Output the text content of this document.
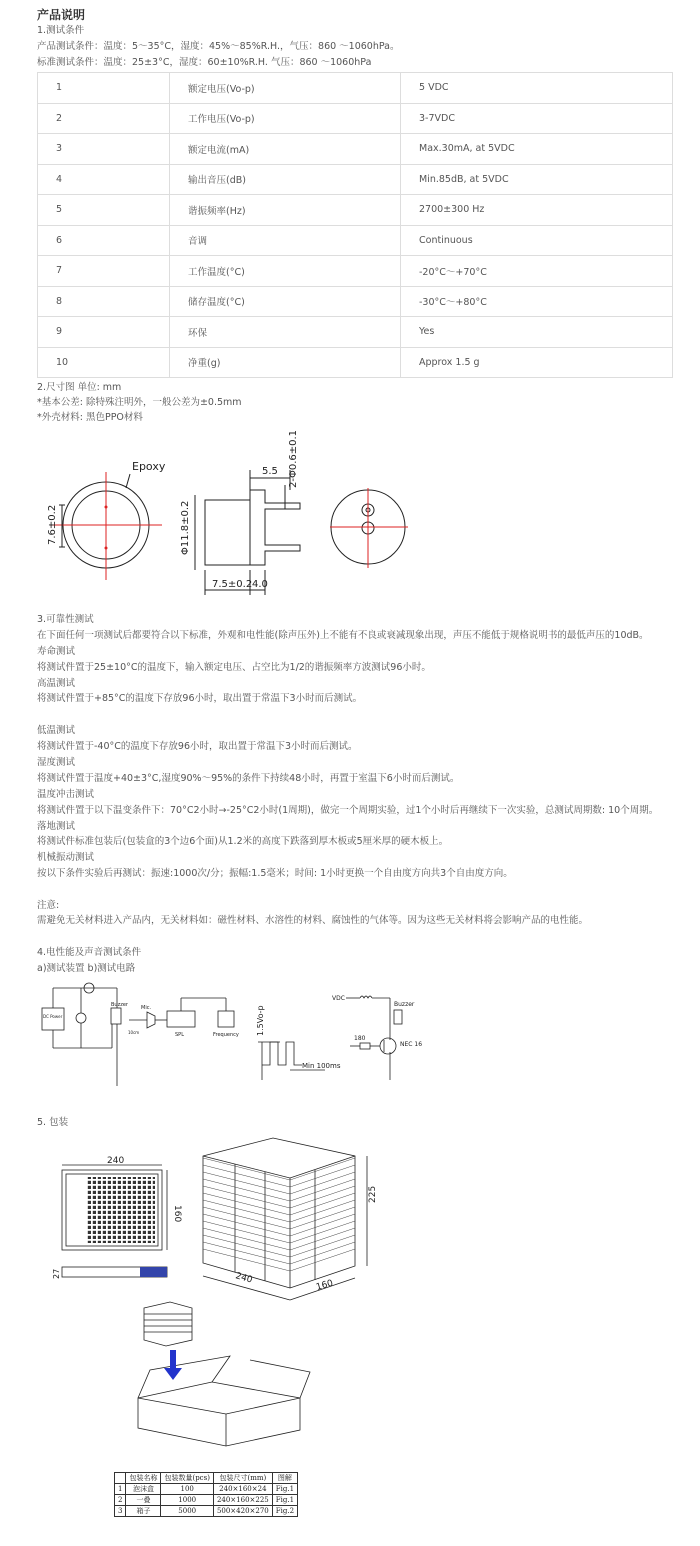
产品说明
1.测试条件
产品测试条件：温度：5～35°C，湿度：45%～85%R.H.，气压：860 ～1060hPa。
标准测试条件：温度：25±3°C，湿度：60±10%R.H. 气压：860 ～1060hPa
1	额定电压(Vo-p)	5 VDC
2	工作电压(Vo-p)	3-7VDC
3	额定电流(mA)	Max.30mA, at 5VDC
4	输出音压(dB)	Min.85dB, at 5VDC
5	谐振频率(Hz)	2700±300 Hz
6	音调	Continuous
7	工作温度(°C)	-20°C～+70°C
8	储存温度(°C)	-30°C～+80°C
9	环保	Yes
10	净重(g)	Approx 1.5 g
2.尺寸图 单位: mm
*基本公差: 除特殊注明外，一般公差为±0.5mm
*外壳材料: 黑色PPO材料
Epoxy
7.6±0.2	Φ11.8±0.2
5.5 2-Φ0.6±0.1
7.5±0.2 4.0
3.可靠性测试
在下面任何一项测试后都要符合以下标准，外观和电性能(除声压外)上不能有不良或衰减现象出现，声压不能低于规格说明书的最低声压的10dB。
寿命测试
将测试件置于25±10°C的温度下，输入额定电压、占空比为1/2的谐振频率方波测试96小时。
高温测试
将测试件置于+85°C的温度下存放96小时，取出置于常温下3小时而后测试。
低温测试
将测试件置于-40°C的温度下存放96小时，取出置于常温下3小时而后测试。
湿度测试
将测试件置于温度+40±3°C,湿度90%～95%的条件下持续48小时，再置于室温下6小时而后测试。
温度冲击测试
将测试件置于以下温变条件下：70°C2小时→-25°C2小时(1周期)，做完一个周期实验，过1个小时后再继续下一次实验，总测试周期数: 10个周期。
落地测试
将测试件标准包装后(包装盒的3个边6个面)从1.2米的高度下跌落到厚木板或5厘米厚的硬木板上。
机械振动测试
按以下条件实验后再测试：振速:1000次/分；振幅:1.5毫米；时间: 1小时更换一个自由度方向共3个自由度方向。
注意:
需避免无关材料进入产品内，无关材料如：磁性材料、水溶性的材料、腐蚀性的气体等。因为这些无关材料将会影响产品的电性能。
4.电性能及声音测试条件
a)测试装置 b)测试电路
DC Power
Buzzer	Mic.
SPL	Frequency
10cm	1.5Vo-p
Min 100ms
VDC
Buzzer
180
NEC 16
5. 包装
240
160
27
225
240
160
	包装名称	包装数量(pcs)	包装尺寸(mm)	图解
1	泡沫盒	100	240×160×24	Fig.1
2	一叠	1000	240×160×225	Fig.1
3	箱子	5000	500×420×270	Fig.2
